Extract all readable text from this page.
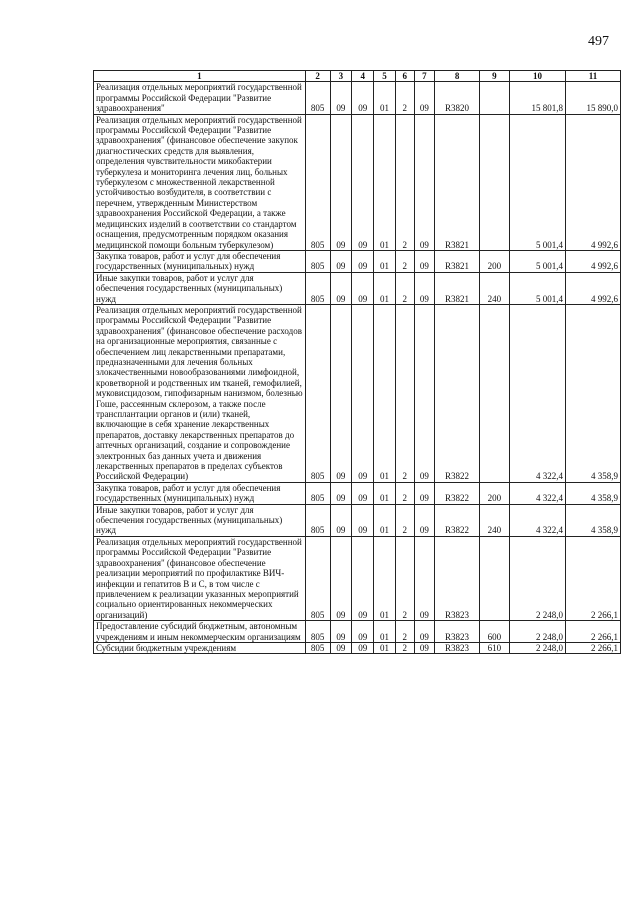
497
1	2	3	4	5	6	7	8	9	10	11
Реализация отдельных мероприятий государственной программы Российской Федерации "Развитие здравоохранения"	805	09	09	01	2	09	R3820		15 801,8	15 890,0
Реализация отдельных мероприятий государственной программы Российской Федерации "Развитие здравоохранения" (финансовое обеспечение закупок диагностических средств для выявления, определения чувствительности микобактерии туберкулеза и мониторинга лечения лиц, больных туберкулезом с множественной лекарственной устойчивостью возбудителя, в соответствии с перечнем, утвержденным Министерством здравоохранения Российской Федерации, а также медицинских изделий в соответствии со стандартом оснащения, предусмотренным порядком оказания медицинской помощи больным туберкулезом)	805	09	09	01	2	09	R3821		5 001,4	4 992,6
Закупка товаров, работ и услуг для обеспечения государственных (муниципальных) нужд	805	09	09	01	2	09	R3821	200	5 001,4	4 992,6
Иные закупки товаров, работ и услуг для обеспечения государственных (муниципальных) нужд	805	09	09	01	2	09	R3821	240	5 001,4	4 992,6
Реализация отдельных мероприятий государственной программы Российской Федерации "Развитие здравоохранения" (финансовое обеспечение расходов на организационные мероприятия, связанные с обеспечением лиц лекарственными препаратами, предназначенными для лечения больных злокачественными новообразованиями лимфоидной, кроветворной и родственных им тканей, гемофилией, муковисцидозом, гипофизарным нанизмом, болезнью Гоше, рассеянным склерозом, а также после трансплантации органов и (или) тканей, включающие в себя хранение лекарственных препаратов, доставку лекарственных препаратов до аптечных организаций, создание и сопровождение электронных баз данных учета и движения лекарственных препаратов в пределах субъектов Российской Федерации)	805	09	09	01	2	09	R3822		4 322,4	4 358,9
Закупка товаров, работ и услуг для обеспечения государственных (муниципальных) нужд	805	09	09	01	2	09	R3822	200	4 322,4	4 358,9
Иные закупки товаров, работ и услуг для обеспечения государственных (муниципальных) нужд	805	09	09	01	2	09	R3822	240	4 322,4	4 358,9
Реализация отдельных мероприятий государственной программы Российской Федерации "Развитие здравоохранения" (финансовое обеспечение реализации мероприятий по профилактике ВИЧ-инфекции и гепатитов В и С, в том числе с привлечением к реализации указанных мероприятий социально ориентированных некоммерческих организаций)	805	09	09	01	2	09	R3823		2 248,0	2 266,1
Предоставление субсидий бюджетным, автономным учреждениям и иным некоммерческим организациям	805	09	09	01	2	09	R3823	600	2 248,0	2 266,1
Субсидии бюджетным учреждениям	805	09	09	01	2	09	R3823	610	2 248,0	2 266,1
